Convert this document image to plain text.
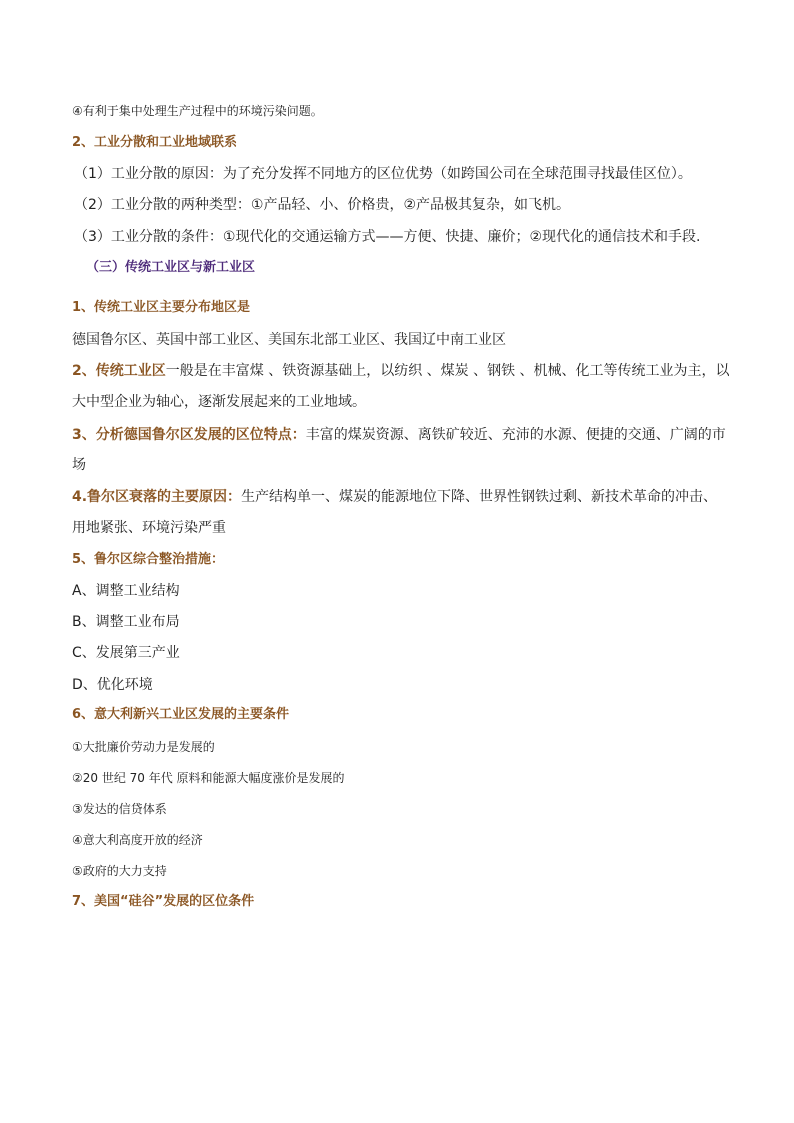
④有利于集中处理生产过程中的环境污染问题。
2、工业分散和工业地域联系
（1）工业分散的原因：为了充分发挥不同地方的区位优势（如跨国公司在全球范围寻找最佳区位）。
（2）工业分散的两种类型：①产品轻、小、价格贵，②产品极其复杂，如飞机。
（3）工业分散的条件：①现代化的交通运输方式——方便、快捷、廉价；②现代化的通信技术和手段.
（三）传统工业区与新工业区
1、传统工业区主要分布地区是
德国鲁尔区、英国中部工业区、美国东北部工业区、我国辽中南工业区
2、传统工业区一般是在丰富煤 、铁资源基础上，以纺织 、煤炭 、钢铁 、机械、化工等传统工业为主，以
大中型企业为轴心，逐渐发展起来的工业地域。
3、分析德国鲁尔区发展的区位特点：丰富的煤炭资源、离铁矿较近、充沛的水源、便捷的交通、广阔的市
场
4.鲁尔区衰落的主要原因：生产结构单一、煤炭的能源地位下降、世界性钢铁过剩、新技术革命的冲击、
用地紧张、环境污染严重
5、鲁尔区综合整治措施：
A、调整工业结构
B、调整工业布局
C、发展第三产业
D、优化环境
6、意大利新兴工业区发展的主要条件
①大批廉价劳动力是发展的
②20 世纪 70 年代 原料和能源大幅度涨价是发展的
③发达的信贷体系
④意大利高度开放的经济
⑤政府的大力支持
7、美国“硅谷”发展的区位条件
